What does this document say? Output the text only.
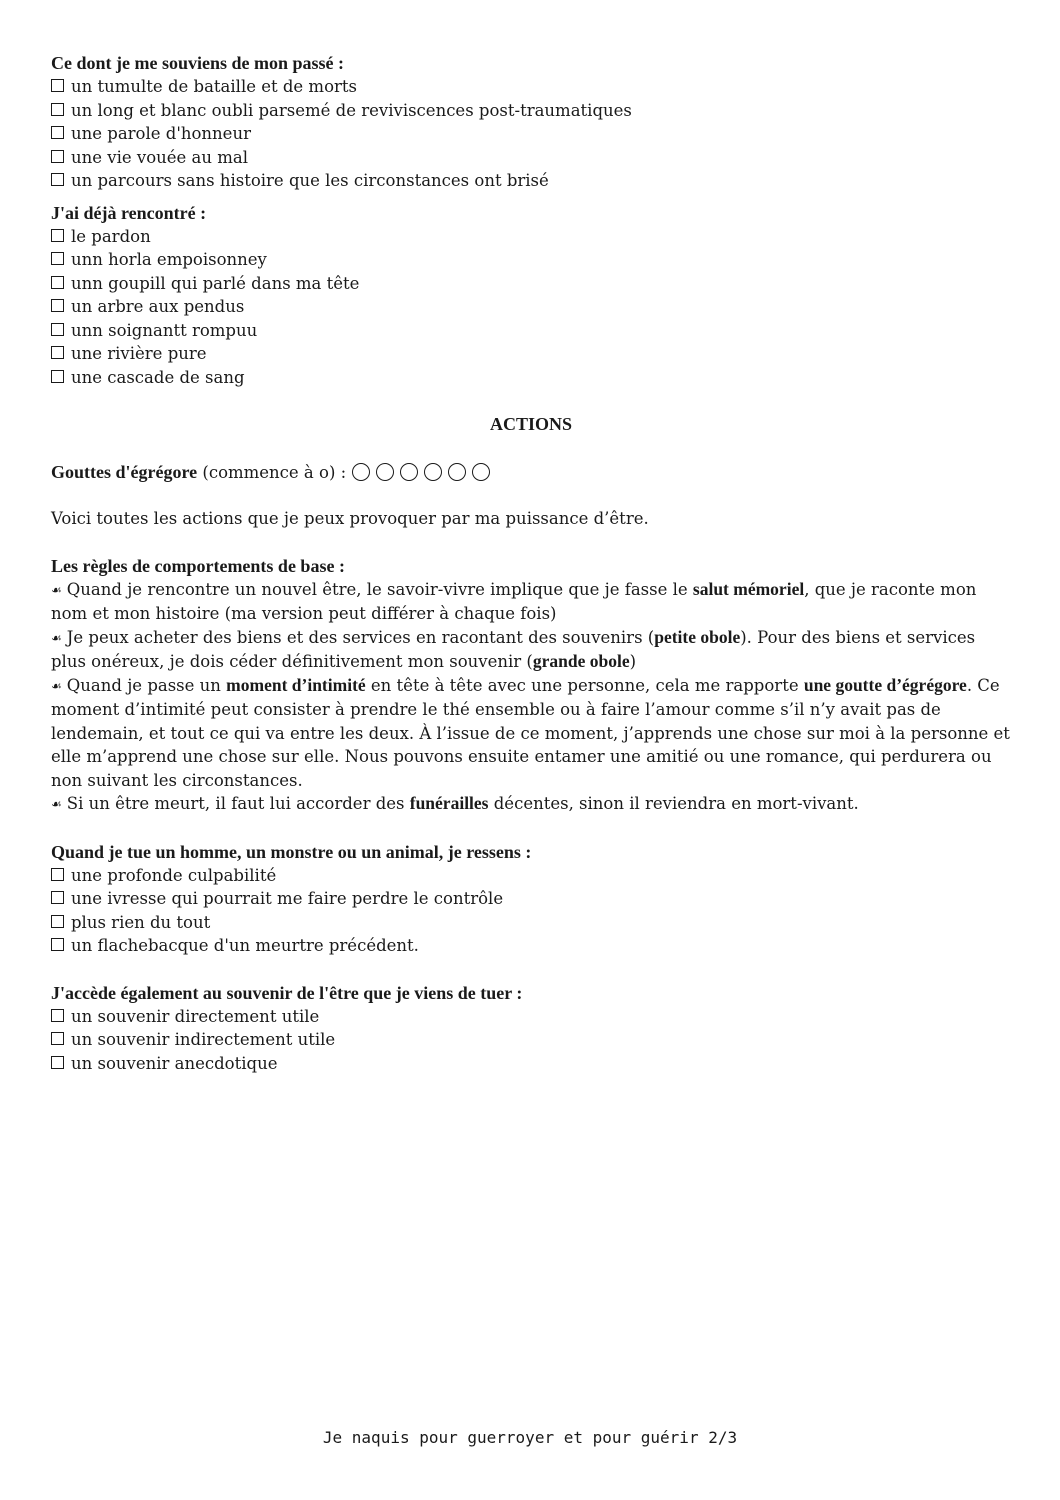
Ce dont je me souviens de mon passé :

un tumulte de bataille et de morts

un long et blanc oubli parsemé de reviviscences post-traumatiques

une parole d'honneur

une vie vouée au mal

un parcours sans histoire que les circonstances ont brisé

J'ai déjà rencontré :

le pardon

unn horla empoisonney

unn goupill qui parlé dans ma tête

un arbre aux pendus

unn soignantt rompuu

une rivière pure

une cascade de sang

ACTIONS

Gouttes d'égrégore (commence à o) :

Voici toutes les actions que je peux provoquer par ma puissance d’être.

Les règles de comportements de base :

☙ Quand je rencontre un nouvel être, le savoir-vivre implique que je fasse le salut mémoriel, que je raconte mon nom et mon histoire (ma version peut différer à chaque fois)

☙ Je peux acheter des biens et des services en racontant des souvenirs (petite obole). Pour des biens et services plus onéreux, je dois céder définitivement mon souvenir (grande obole)

☙ Quand je passe un moment d’intimité en tête à tête avec une personne, cela me rapporte une goutte d’égrégore. Ce moment d’intimité peut consister à prendre le thé ensemble ou à faire l’amour comme s’il n’y avait pas de lendemain, et tout ce qui va entre les deux. À l’issue de ce moment, j’apprends une chose sur moi à la personne et elle m’apprend une chose sur elle. Nous pouvons ensuite entamer une amitié ou une romance, qui perdurera ou non suivant les circonstances.

☙ Si un être meurt, il faut lui accorder des funérailles décentes, sinon il reviendra en mort-vivant.

Quand je tue un homme, un monstre ou un animal, je ressens :

une profonde culpabilité

une ivresse qui pourrait me faire perdre le contrôle

plus rien du tout

un flachebacque d'un meurtre précédent.

J'accède également au souvenir de l'être que je viens de tuer :

un souvenir directement utile

un souvenir indirectement utile

un souvenir anecdotique

Je naquis pour guerroyer et pour guérir 2/3
